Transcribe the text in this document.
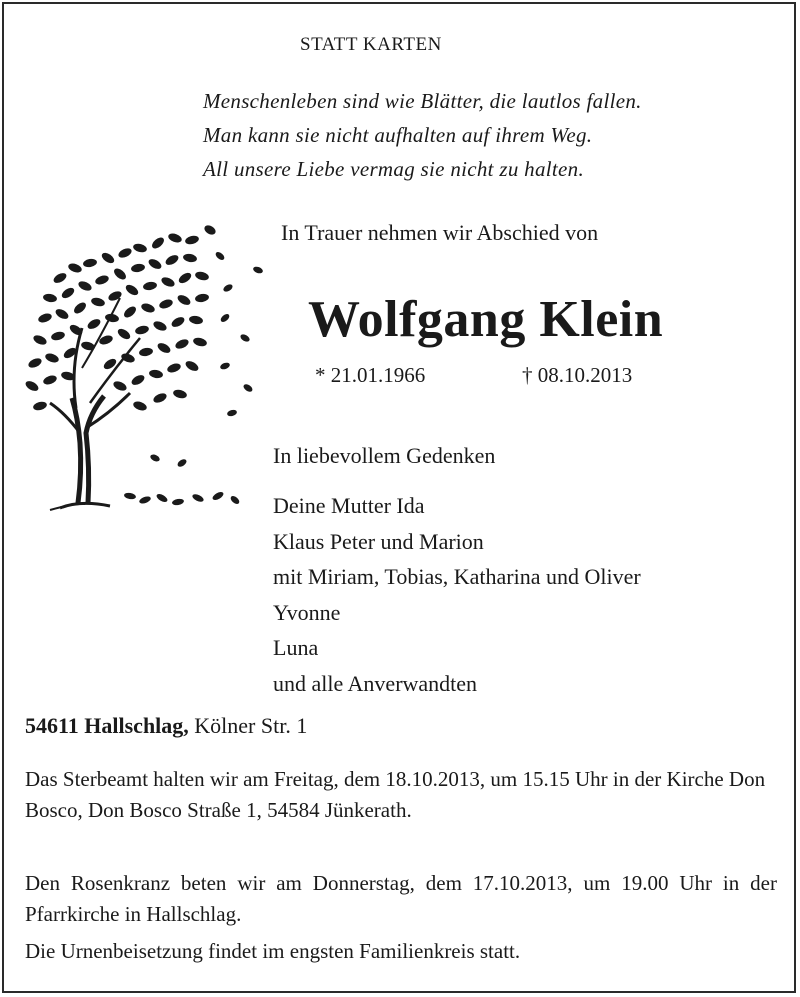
STATT KARTEN

Menschenleben sind wie Blätter, die lautlos fallen.
Man kann sie nicht aufhalten auf ihrem Weg.
All unsere Liebe vermag sie nicht zu halten.

In Trauer nehmen wir Abschied von

Wolfgang Klein

* 21.01.1966	† 08.10.2013

In liebevollem Gedenken

Deine Mutter Ida
Klaus Peter und Marion
mit Miriam, Tobias, Katharina und Oliver
Yvonne
Luna
und alle Anverwandten

54611 Hallschlag, Kölner Str. 1

Das Sterbeamt halten wir am Freitag, dem 18.10.2013, um 15.15 Uhr in der Kirche Don Bosco, Don Bosco Straße 1, 54584 Jünkerath.

Den Rosenkranz beten wir am Donnerstag, dem 17.10.2013, um 19.00 Uhr in der Pfarrkirche in Hallschlag.

Die Urnenbeisetzung findet im engsten Familienkreis statt.
